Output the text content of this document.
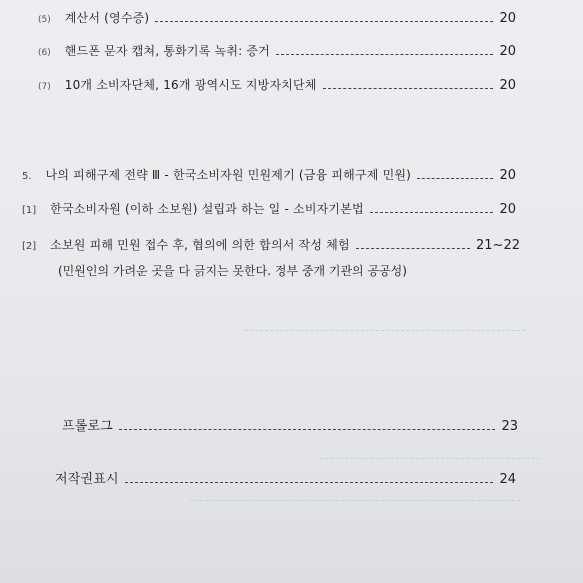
(5) 계산서 (영수증)	20
(6) 핸드폰 문자 캡쳐, 통화기록 녹취: 증거	20
(7) 10개 소비자단체, 16개 광역시도 지방자치단체	20
5. 나의 피해구제 전략 Ⅲ - 한국소비자원 민원제기 (금융 피해구제 민원)	20
[1] 한국소비자원 (이하 소보원) 설립과 하는 일 - 소비자기본법	20
[2] 소보원 피해 민원 접수 후, 협의에 의한 합의서 작성 체험	21~22
(민원인의 가려운 곳을 다 긁지는 못한다. 정부 중개 기관의 공공성)
프롤로그	23
저작권표시	24
